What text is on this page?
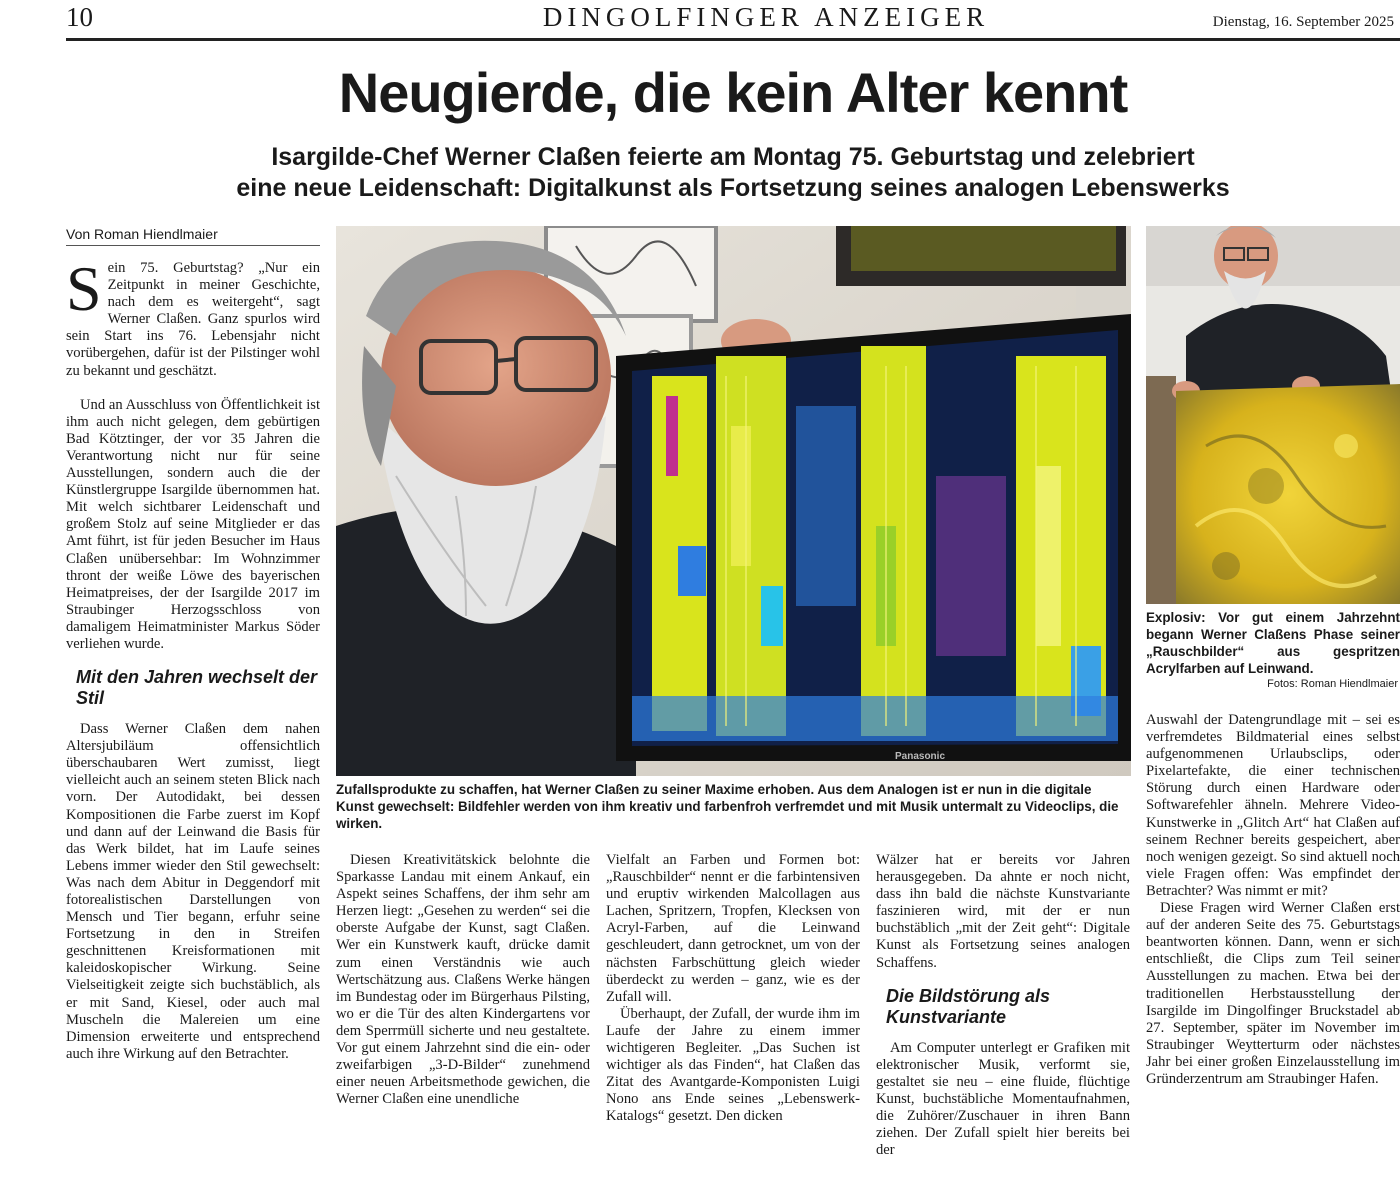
10	DINGOLFINGER ANZEIGER	Dienstag, 16. September 2025
Neugierde, die kein Alter kennt
Isargilde-Chef Werner Claßen feierte am Montag 75. Geburtstag und zelebriert
eine neue Leidenschaft: Digitalkunst als Fortsetzung seines analogen Lebenswerks
Von Roman Hiendlmaier

Sein 75. Geburtstag? „Nur ein Zeitpunkt in meiner Geschichte, nach dem es weitergeht“, sagt Werner Claßen. Ganz spurlos wird sein Start ins 76. Lebensjahr nicht vorübergehen, dafür ist der Pilstinger wohl zu bekannt und geschätzt.

Und an Ausschluss von Öffentlichkeit ist ihm auch nicht gelegen, dem gebürtigen Bad Kötztinger, der vor 35 Jahren die Verantwortung nicht nur für seine Ausstellungen, sondern auch die der Künstlergruppe Isargilde übernommen hat. Mit welch sichtbarer Leidenschaft und großem Stolz auf seine Mitglieder er das Amt führt, ist für jeden Besucher im Haus Claßen unübersehbar: Im Wohnzimmer thront der weiße Löwe des bayerischen Heimatpreises, der der Isargilde 2017 im Straubinger Herzogsschloss von damaligem Heimatminister Markus Söder verliehen wurde.

Mit den Jahren wechselt der Stil

Dass Werner Claßen dem nahen Altersjubiläum offensichtlich überschaubaren Wert zumisst, liegt vielleicht auch an seinem steten Blick nach vorn. Der Autodidakt, bei dessen Kompositionen die Farbe zuerst im Kopf und dann auf der Leinwand die Basis für das Werk bildet, hat im Laufe seines Lebens immer wieder den Stil gewechselt: Was nach dem Abitur in Deggendorf mit fotorealistischen Darstellungen von Mensch und Tier begann, erfuhr seine Fortsetzung in den in Streifen geschnittenen Kreisformationen mit kaleidoskopischer Wirkung. Seine Vielseitigkeit zeigte sich buchstäblich, als er mit Sand, Kiesel, oder auch mal Muscheln die Malereien um eine Dimension erweiterte und entsprechend auch ihre Wirkung auf den Betrachter.

Panasonic
Zufallsprodukte zu schaffen, hat Werner Claßen zu seiner Maxime erhoben. Aus dem Analogen ist er nun in die digitale Kunst gewechselt: Bildfehler werden von ihm kreativ und farbenfroh verfremdet und mit Musik untermalt zu Videoclips, die wirken.
Explosiv: Vor gut einem Jahrzehnt begann Werner Claßens Phase seiner „Rauschbilder“ aus gespritzen Acrylfarben auf Leinwand.
Fotos: Roman Hiendlmaier

Diesen Kreativitätskick belohnte die Sparkasse Landau mit einem Ankauf, ein Aspekt seines Schaffens, der ihm sehr am Herzen liegt: „Gesehen zu werden“ sei die oberste Aufgabe der Kunst, sagt Claßen. Wer ein Kunstwerk kauft, drücke damit zum einen Verständnis wie auch Wertschätzung aus. Claßens Werke hängen im Bundestag oder im Bürgerhaus Pilsting, wo er die Tür des alten Kindergartens vor dem Sperrmüll sicherte und neu gestaltete. Vor gut einem Jahrzehnt sind die ein- oder zweifarbigen „3-D-Bilder“ zunehmend einer neuen Arbeitsmethode gewichen, die Werner Claßen eine unendliche

Vielfalt an Farben und Formen bot: „Rauschbilder“ nennt er die farbintensiven und eruptiv wirkenden Malcollagen aus Lachen, Spritzern, Tropfen, Klecksen von Acryl-Farben, auf die Leinwand geschleudert, dann getrocknet, um von der nächsten Farbschüttung gleich wieder überdeckt zu werden – ganz, wie es der Zufall will.

Überhaupt, der Zufall, der wurde ihm im Laufe der Jahre zu einem immer wichtigeren Begleiter. „Das Suchen ist wichtiger als das Finden“, hat Claßen das Zitat des Avantgarde-Komponisten Luigi Nono ans Ende seines „Lebenswerk-Katalogs“ gesetzt. Den dicken

Wälzer hat er bereits vor Jahren herausgegeben. Da ahnte er noch nicht, dass ihn bald die nächste Kunstvariante faszinieren wird, mit der er nun buchstäblich „mit der Zeit geht“: Digitale Kunst als Fortsetzung seines analogen Schaffens.

Die Bildstörung als Kunstvariante

Am Computer unterlegt er Grafiken mit elektronischer Musik, verformt sie, gestaltet sie neu – eine fluide, flüchtige Kunst, buchstäbliche Momentaufnahmen, die Zuhörer/Zuschauer in ihren Bann ziehen. Der Zufall spielt hier bereits bei der

Auswahl der Datengrundlage mit – sei es verfremdetes Bildmaterial eines selbst aufgenommenen Urlaubsclips, oder Pixelartefakte, die einer technischen Störung durch einen Hardware oder Softwarefehler ähneln. Mehrere Video-Kunstwerke in „Glitch Art“ hat Claßen auf seinem Rechner bereits gespeichert, aber noch wenigen gezeigt. So sind aktuell noch viele Fragen offen: Was empfindet der Betrachter? Was nimmt er mit?

Diese Fragen wird Werner Claßen erst auf der anderen Seite des 75. Geburtstags beantworten können. Dann, wenn er sich entschließt, die Clips zum Teil seiner Ausstellungen zu machen. Etwa bei der traditionellen Herbstausstellung der Isargilde im Dingolfinger Bruckstadel ab 27. September, später im November im Straubinger Weytterturm oder nächstes Jahr bei einer großen Einzelausstellung im Gründerzentrum am Straubinger Hafen.
